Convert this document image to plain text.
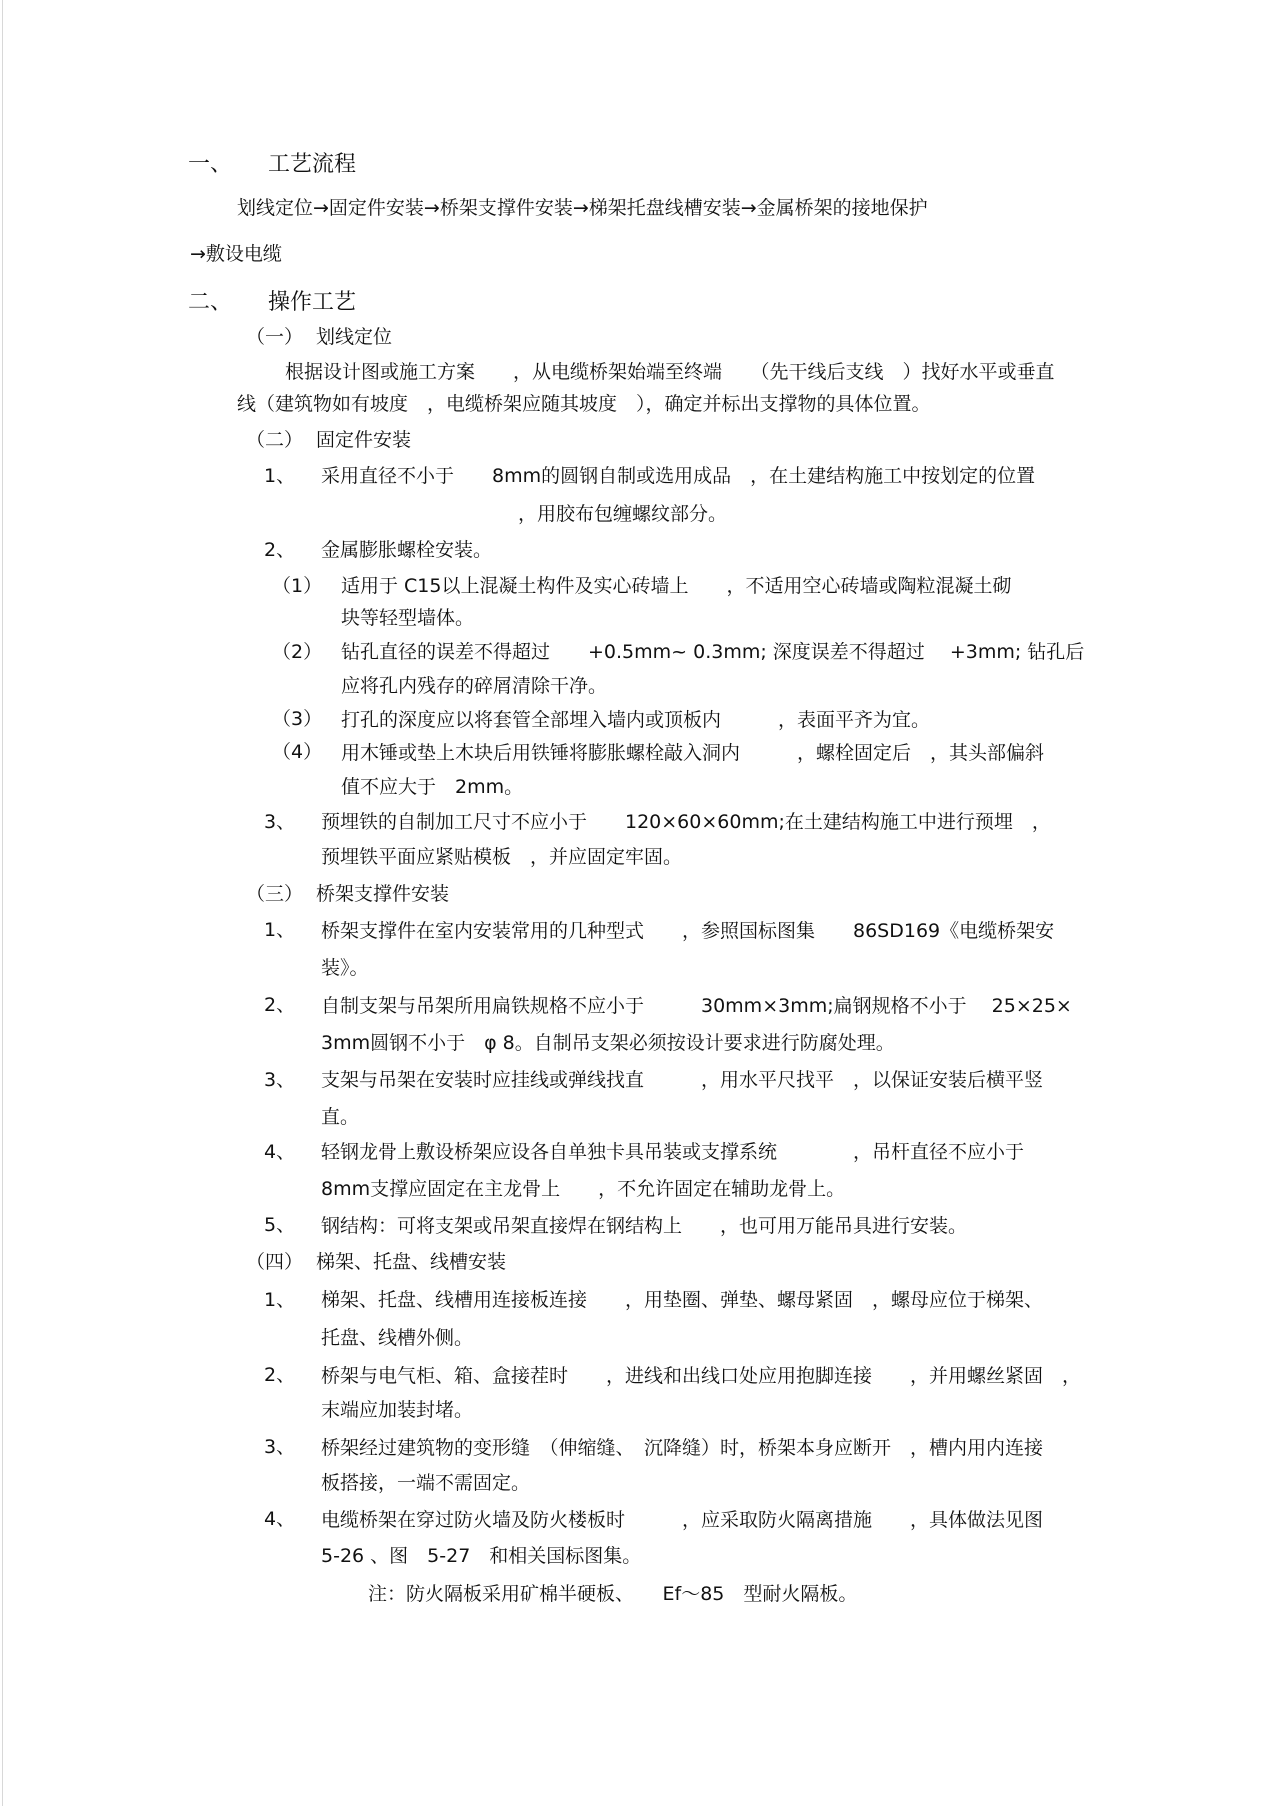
一、 工艺流程
划线定位→固定件安装→桥架支撑件安装→梯架托盘线槽安装→金属桥架的接地保护
→敷设电缆
二、 操作工艺
（一） 划线定位
根据设计图或施工方案　　，从电缆桥架始端至终端　　（先干线后支线　）找好水平或垂直
线（建筑物如有坡度　，电缆桥架应随其坡度　），确定并标出支撑物的具体位置。
（二） 固定件安装
1、 采用直径不小于　　8mm的圆钢自制或选用成品　，在土建结构施工中按划定的位置
，用胶布包缠螺纹部分。
2、 金属膨胀螺栓安装。
（1） 适用于 C15以上混凝土构件及实心砖墙上　　，不适用空心砖墙或陶粒混凝土砌
块等轻型墙体。
（2） 钻孔直径的误差不得超过　　+0.5mm~ 0.3mm; 深度误差不得超过　 +3mm; 钻孔后
应将孔内残存的碎屑清除干净。
（3） 打孔的深度应以将套管全部埋入墙内或顶板内　　　，表面平齐为宜。
（4） 用木锤或垫上木块后用铁锤将膨胀螺栓敲入洞内　　　，螺栓固定后　，其头部偏斜
值不应大于　2mm。
3、 预埋铁的自制加工尺寸不应小于　　120×60×60mm;在土建结构施工中进行预埋　，
预埋铁平面应紧贴模板　，并应固定牢固。
（三） 桥架支撑件安装
1、 桥架支撑件在室内安装常用的几种型式　　，参照国标图集　　86SD169《电缆桥架安
装》。
2、 自制支架与吊架所用扁铁规格不应小于　　　30mm×3mm;扁钢规格不小于　 25×25×
3mm圆钢不小于　φ 8。自制吊支架必须按设计要求进行防腐处理。
3、 支架与吊架在安装时应挂线或弹线找直　　　，用水平尺找平　，以保证安装后横平竖
直。
4、 轻钢龙骨上敷设桥架应设各自单独卡具吊装或支撑系统　　　　，吊杆直径不应小于
8mm支撑应固定在主龙骨上　　，不允许固定在辅助龙骨上。
5、 钢结构：可将支架或吊架直接焊在钢结构上　　，也可用万能吊具进行安装。
（四） 梯架、托盘、线槽安装
1、 梯架、托盘、线槽用连接板连接　　，用垫圈、弹垫、螺母紧固　，螺母应位于梯架、
托盘、线槽外侧。
2、 桥架与电气柜、箱、盒接茬时　　，进线和出线口处应用抱脚连接　　，并用螺丝紧固　，
末端应加装封堵。
3、 桥架经过建筑物的变形缝　（伸缩缝、　沉降缝）时，桥架本身应断开　，槽内用内连接
板搭接，一端不需固定。
4、 电缆桥架在穿过防火墙及防火楼板时　　　，应采取防火隔离措施　　，具体做法见图
5-26 、图　5-27　和相关国标图集。
注：防火隔板采用矿棉半硬板、　　Ef～85　型耐火隔板。
